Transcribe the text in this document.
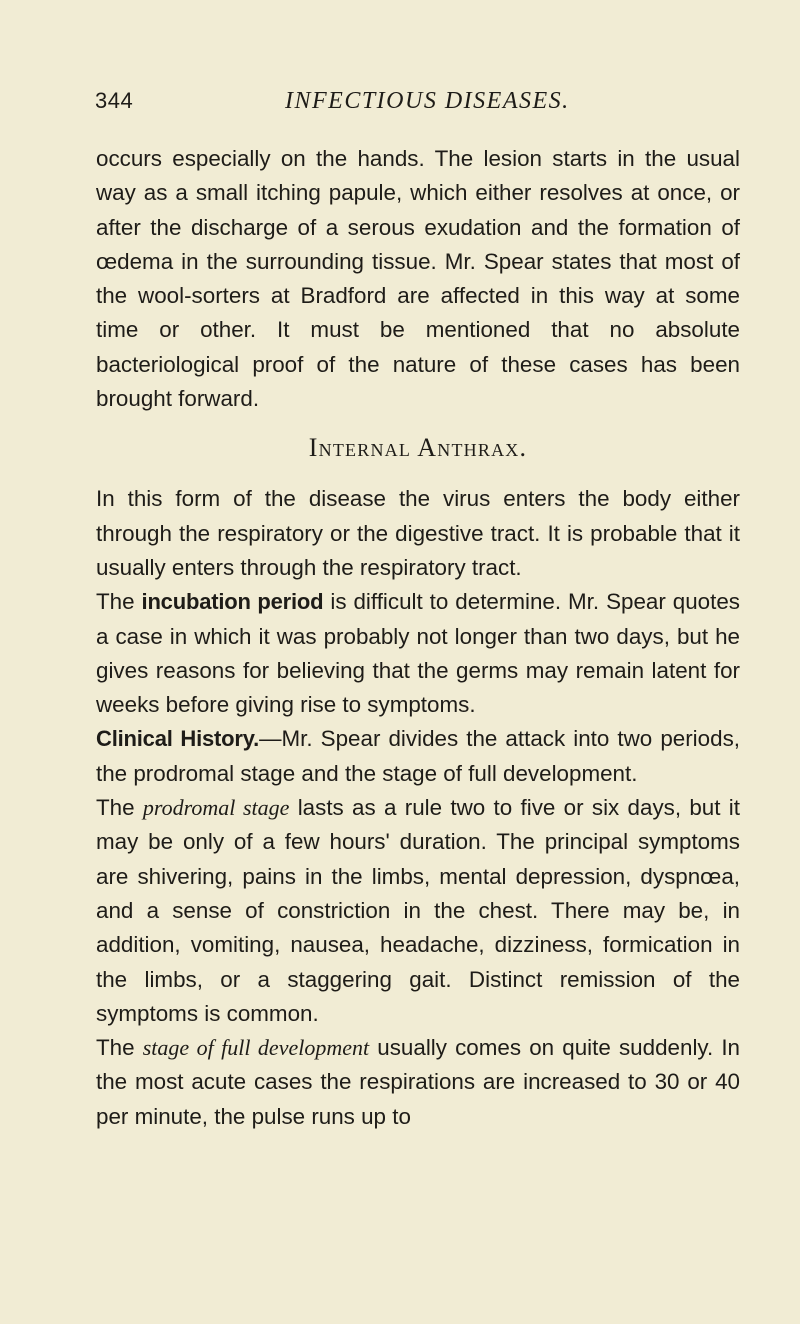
344	INFECTIOUS DISEASES.

occurs especially on the hands. The lesion starts in the usual way as a small itching papule, which either resolves at once, or after the discharge of a serous exudation and the formation of œdema in the surrounding tissue. Mr. Spear states that most of the wool-sorters at Bradford are affected in this way at some time or other. It must be mentioned that no absolute bacteriological proof of the nature of these cases has been brought forward.

Internal Anthrax.

In this form of the disease the virus enters the body either through the respiratory or the digestive tract. It is probable that it usually enters through the respiratory tract.

The incubation period is difficult to determine. Mr. Spear quotes a case in which it was probably not longer than two days, but he gives reasons for believing that the germs may remain latent for weeks before giving rise to symptoms.

Clinical History.—Mr. Spear divides the attack into two periods, the prodromal stage and the stage of full development.

The prodromal stage lasts as a rule two to five or six days, but it may be only of a few hours' duration. The principal symptoms are shivering, pains in the limbs, mental depression, dyspnœa, and a sense of constriction in the chest. There may be, in addition, vomiting, nausea, headache, dizziness, formication in the limbs, or a staggering gait. Distinct remission of the symptoms is common.

The stage of full development usually comes on quite suddenly. In the most acute cases the respirations are increased to 30 or 40 per minute, the pulse runs up to
